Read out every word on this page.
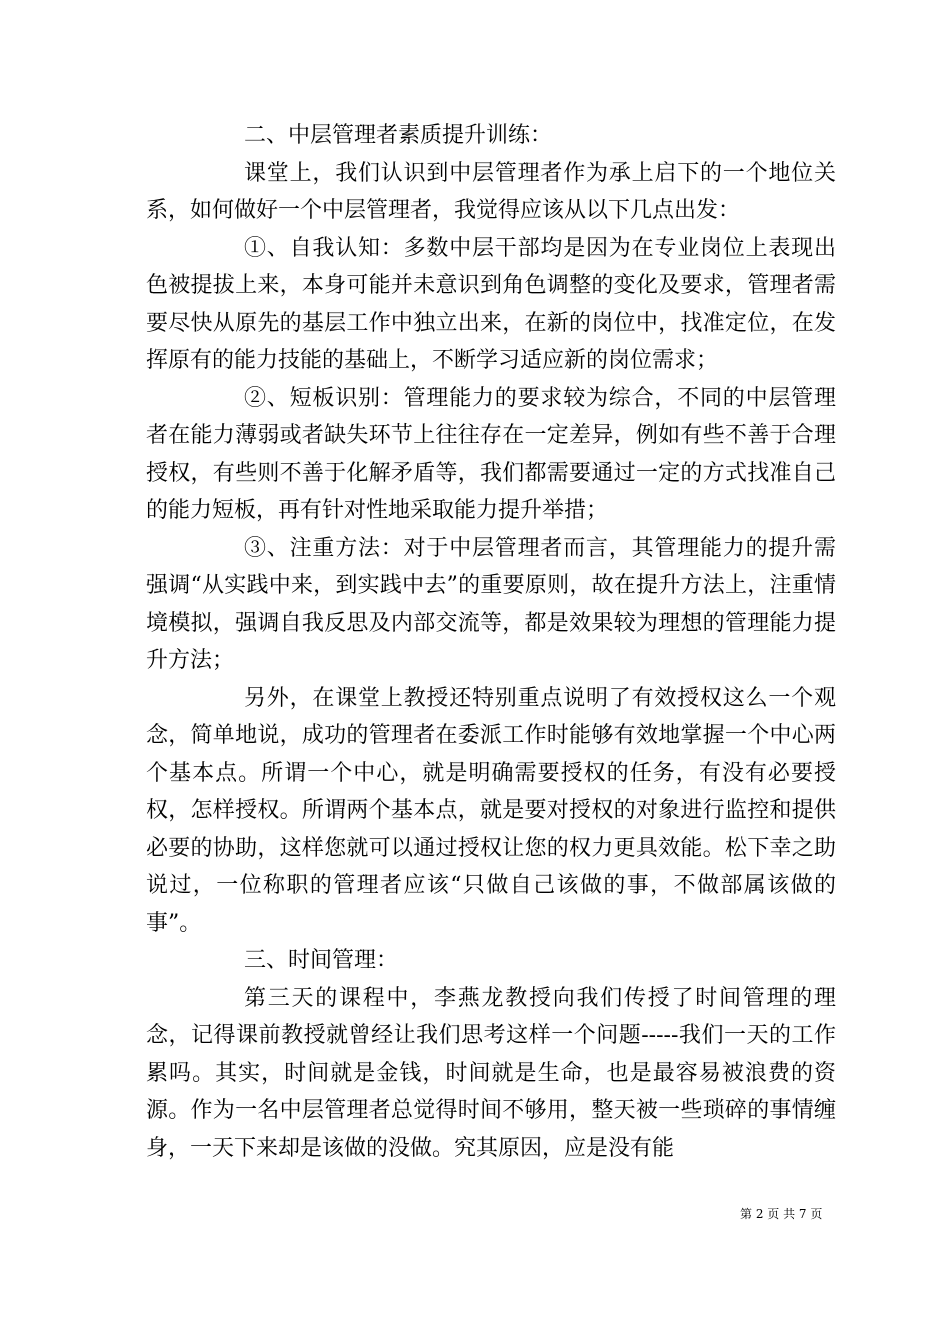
二、中层管理者素质提升训练：

课堂上，我们认识到中层管理者作为承上启下的一个地位关系，如何做好一个中层管理者，我觉得应该从以下几点出发：

①、自我认知：多数中层干部均是因为在专业岗位上表现出色被提拔上来，本身可能并未意识到角色调整的变化及要求，管理者需要尽快从原先的基层工作中独立出来，在新的岗位中，找准定位，在发挥原有的能力技能的基础上，不断学习适应新的岗位需求；

②、短板识别：管理能力的要求较为综合，不同的中层管理者在能力薄弱或者缺失环节上往往存在一定差异，例如有些不善于合理授权，有些则不善于化解矛盾等，我们都需要通过一定的方式找准自己的能力短板，再有针对性地采取能力提升举措；

③、注重方法：对于中层管理者而言，其管理能力的提升需强调“从实践中来，到实践中去”的重要原则，故在提升方法上，注重情境模拟，强调自我反思及内部交流等，都是效果较为理想的管理能力提升方法；

另外，在课堂上教授还特别重点说明了有效授权这么一个观念，简单地说，成功的管理者在委派工作时能够有效地掌握一个中心两个基本点。所谓一个中心，就是明确需要授权的任务，有没有必要授权，怎样授权。所谓两个基本点，就是要对授权的对象进行监控和提供必要的协助，这样您就可以通过授权让您的权力更具效能。松下幸之助说过，一位称职的管理者应该“只做自己该做的事，不做部属该做的事”。

三、时间管理：

第三天的课程中，李燕龙教授向我们传授了时间管理的理念，记得课前教授就曾经让我们思考这样一个问题-----我们一天的工作累吗。其实，时间就是金钱，时间就是生命，也是最容易被浪费的资源。作为一名中层管理者总觉得时间不够用，整天被一些琐碎的事情缠身，一天下来却是该做的没做。究其原因，应是没有能

第 2 页 共 7 页
